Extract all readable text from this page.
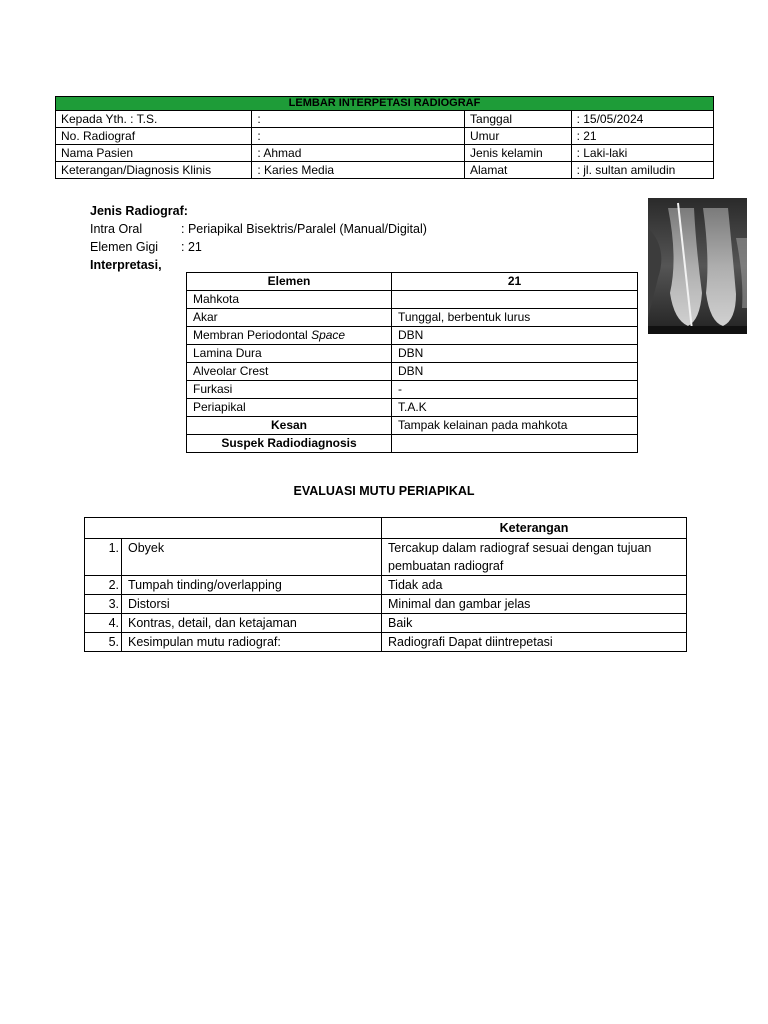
LEMBAR INTERPETASI RADIOGRAF			
Kepada Yth. : T.S.	:	Tanggal	: 15/05/2024
No. Radiograf	:	Umur	: 21
Nama Pasien	: Ahmad	Jenis kelamin	: Laki-laki
Keterangan/Diagnosis Klinis	: Karies Media	Alamat	: jl. sultan amiludin
Jenis Radiograf:
Intra Oral	: Periapikal Bisektris/Paralel (Manual/Digital)
Elemen Gigi : 21
Interpretasi,
Elemen	21
Mahkota	
Akar	Tunggal, berbentuk lurus
Membran Periodontal Space	DBN
Lamina Dura	DBN
Alveolar Crest	DBN
Furkasi	-
Periapikal	T.A.K
Kesan	Tampak kelainan pada mahkota
Suspek Radiodiagnosis	
EVALUASI MUTU PERIAPIKAL
		Keterangan
1.	Obyek	Tercakup dalam radiograf sesuai dengan tujuan pembuatan radiograf
2.	Tumpah tinding/overlapping	Tidak ada
3.	Distorsi	Minimal dan gambar jelas
4.	Kontras, detail, dan ketajaman	Baik
5.	Kesimpulan mutu radiograf:	Radiografi Dapat diintrepetasi
